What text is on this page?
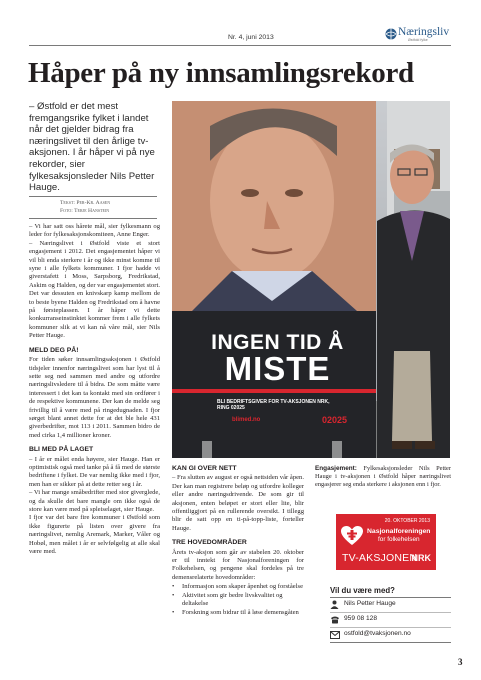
Nr. 4, juni 2013	Næringsliv
Østfold fylke
Håper på ny innsamlingsrekord
– Østfold er det mest fremgangsrike fylket i landet når det gjelder bidrag fra næringslivet til den årlige tv-aksjonen. I år håper vi på nye rekorder, sier fylkesaksjonsleder Nils Petter Hauge.
Tekst: Per-Kr. Aasen
Foto: Terje Hanstein

– Vi har satt oss hårete mål, sier fylkesmann og leder for fylkesaksjonskomiteen, Anne Enger.

– Næringslivet i Østfold viste et stort engasjement i 2012. Det engasjementet håper vi vil bli enda sterkere i år og ikke minst komme til syne i alle fylkets kommuner. I fjor hadde vi giverstafett i Moss, Sarpsborg, Fredrikstad, Askim og Halden, og der var engasjementet stort. Det var dessuten en knivskarp kamp mellom de to beste byene Halden og Fredrikstad om å havne på førsteplassen. I år håper vi dette konkurranseinstinktet kommer frem i alle fylkets kommuner slik at vi kan nå våre mål, sier Nils Petter Hauge.

MELD DEG PÅ!

For tiden søker innsamlingsaksjonen i Østfold tidsjeler innenfor næringslivet som har lyst til å sette seg ned sammen med andre og utfordre næringslivsledere til å bidra. De som måtte være interessert i det kan ta kontakt med sin ordfører i de respektive kommunene. Der kan de melde seg frivillig til å være med på ringedugnaden. I fjor sørget blant annet dette for at det ble hele 431 giverbedrifter, mot 113 i 2011. Sammen bidro de med cirka 1,4 millioner kroner.

BLI MED PÅ LAGET

– I år er målet enda høyere, sier Hauge. Han er optimistisk også med tanke på å få med de største bedriftene i fylket. De var nemlig ikke med i fjor, men han er sikker på at dette retter seg i år.

– Vi har mange småbedrifter med stor giverglede, og da skulle det bare mangle om ikke også de store kan være med på spleiselaget, sier Hauge.

I fjor var det bare fire kommuner i Østfold som ikke figurerte på listen over givere fra næringslivet, nemlig Aremark, Marker, Våler og Hobøl, men målet i år er selvfølgelig at alle skal være med.

INGEN TID Å
MISTE
BLI BEDRIFTSGIVER FOR TV-AKSJONEN NRK, RING 02025
blimed.no	02025
KAN GI OVER NETT

– Fra slutten av august er også nettsiden vår åpen. Der kan man registrere beløp og utfordre kolleger eller andre næringsdrivende. De som gir til aksjonen, enten beløpet er stort eller lite, blir offentliggjort på en rullerende oversikt. I tillegg blir de satt opp en ti-på-topp-liste, forteller Hauge.

TRE HOVEDOMRÅDER

Årets tv-aksjon som går av stabelen 20. oktober er til inntekt for Nasjonalforeningen for Folkehelsen, og pengene skal fordeles på tre demensrelaterte hovedområder:

•	Informasjon som skaper åpenhet og forståelse
•	Aktivitet som gir bedre livskvalitet og deltakelse
•	Forskning som bidrar til å løse demensgåten
Engasjement: Fylkesaksjonsleder Nils Petter Hauge i tv-aksjonen i Østfold håper næringslivet engasjerer seg enda sterkere i aksjonen enn i fjor.
20. OKTOBER 2013
Nasjonalforeningen
for folkehelsen
TV-AKSJONEN
NRK
Vil du være med?
Nils Petter Hauge
959 08 128
ostfold@tvaksjonen.no
3
